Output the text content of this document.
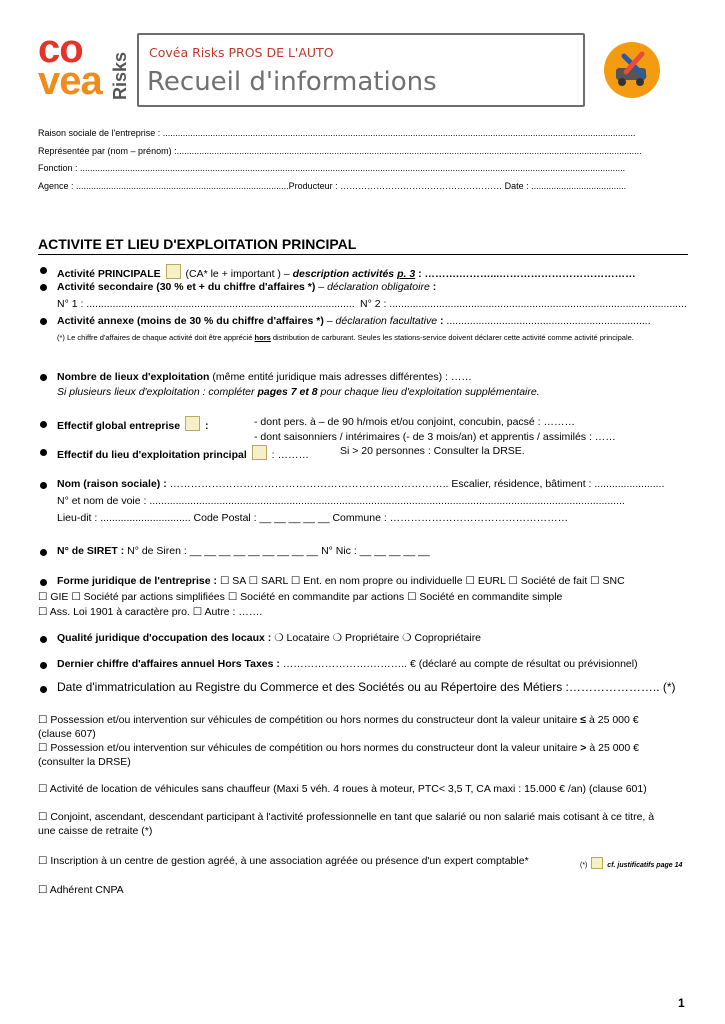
co
vea Risks Covéa Risks PROS DE L'AUTO
Recueil d'informations
Raison sociale de l'entreprise : .............................................................................................................................................................................................
Représentée par (nom – prénom) :..........................................................................................................................................................................................
Fonction : ..........................................................................................................................................................................................................................
Agence : .....................................................................................Producteur : ……………………………………………… Date : ......................................
ACTIVITE ET LIEU D'EXPLOITATION PRINCIPAL
Activité PRINCIPALE (CA* le + important ) – description activités p. 3 : ……….………...…………………………………
Activité secondaire (30 % et + du chiffre d'affaires *) – déclaration obligatoire :
N° 1 : ............................................................................................ N° 2 : ......................................................................................................
Activité annexe (moins de 30 % du chiffre d'affaires *) – déclaration facultative : ......................................................................
(*) Le chiffre d'affaires de chaque activité doit être apprécié hors distribution de carburant. Seules les stations-service doivent déclarer cette activité comme activité principale.
Nombre de lieux d'exploitation (même entité juridique mais adresses différentes) : ……
Si plusieurs lieux d'exploitation : compléter pages 7 et 8 pour chaque lieu d'exploitation supplémentaire.
Effectif global entreprise  :	- dont pers. à – de 90 h/mois et/ou conjoint, concubin, pacsé : ………
- dont saisonniers / intérimaires (- de 3 mois/an) et apprentis / assimilés : ……
Effectif du lieu d'exploitation principal  : ………	Si > 20 personnes : Consulter la DRSE.
Nom (raison sociale) : …………………………………………………………………….. Escalier, résidence, bâtiment : ........................
N° et nom de voie : ...................................................................................................................................................................
Lieu-dit : ............................... Code Postal : __ __ __ __ __ Commune : ……………………………………………
N° de SIRET : N° de Siren : __ __ __ __ __ __ __ __ __ N° Nic : __ __ __ __ __
Forme juridique de l'entreprise : ☐ SA ☐ SARL ☐ Ent. en nom propre ou individuelle ☐ EURL ☐ Société de fait ☐ SNC
☐ GIE ☐ Société par actions simplifiées ☐ Société en commandite par actions ☐ Société en commandite simple
☐ Ass. Loi 1901 à caractère pro. ☐ Autre : …….
Qualité juridique d'occupation des locaux : ❍ Locataire ❍ Propriétaire ❍ Copropriétaire
Dernier chiffre d'affaires annuel Hors Taxes : …………………….……….. € (déclaré au compte de résultat ou prévisionnel)
Date d'immatriculation au Registre du Commerce et des Sociétés ou au Répertoire des Métiers :………………….. (*)
☐ Possession et/ou intervention sur véhicules de compétition ou hors normes du constructeur dont la valeur unitaire ≤ à 25 000 €
(clause 607)
☐ Possession et/ou intervention sur véhicules de compétition ou hors normes du constructeur dont la valeur unitaire > à 25 000 €
(consulter la DRSE)
☐ Activité de location de véhicules sans chauffeur (Maxi 5 véh. 4 roues à moteur, PTC< 3,5 T, CA maxi : 15.000 € /an) (clause 601)
☐ Conjoint, ascendant, descendant participant à l'activité professionnelle en tant que salarié ou non salarié mais cotisant à ce titre, à
une caisse de retraite (*)
☐ Inscription à un centre de gestion agréé, à une association agréée ou présence d'un expert comptable*	(*)	cf. justificatifs page 14
☐ Adhérent CNPA
1
